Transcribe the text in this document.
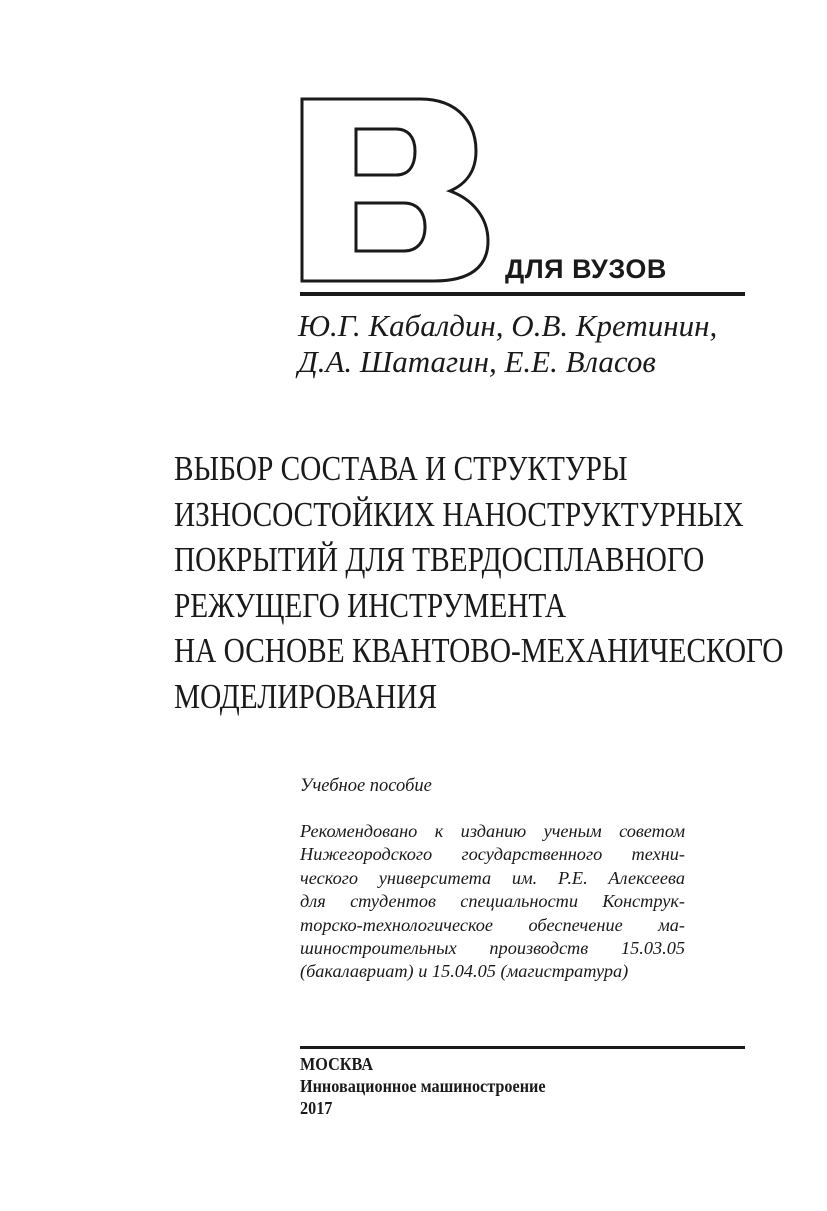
ДЛЯ ВУЗОВ
Ю.Г. Кабалдин, О.В. Кретинин,
Д.А. Шатагин, Е.Е. Власов
ВЫБОР СОСТАВА И СТРУКТУРЫ
ИЗНОСОСТОЙКИХ НАНОСТРУКТУРНЫХ
ПОКРЫТИЙ ДЛЯ ТВЕРДОСПЛАВНОГО
РЕЖУЩЕГО ИНСТРУМЕНТА
НА ОСНОВЕ КВАНТОВО-МЕХАНИЧЕСКОГО
МОДЕЛИРОВАНИЯ
Учебное пособие
Рекомендовано к изданию ученым советом
Нижегородского государственного техни-
ческого университета им. Р.Е. Алексеева
для студентов специальности Конструк-
торско-технологическое обеспечение ма-
шиностроительных производств 15.03.05
(бакалавриат) и 15.04.05 (магистратура)
МОСКВА
Инновационное машиностроение
2017
